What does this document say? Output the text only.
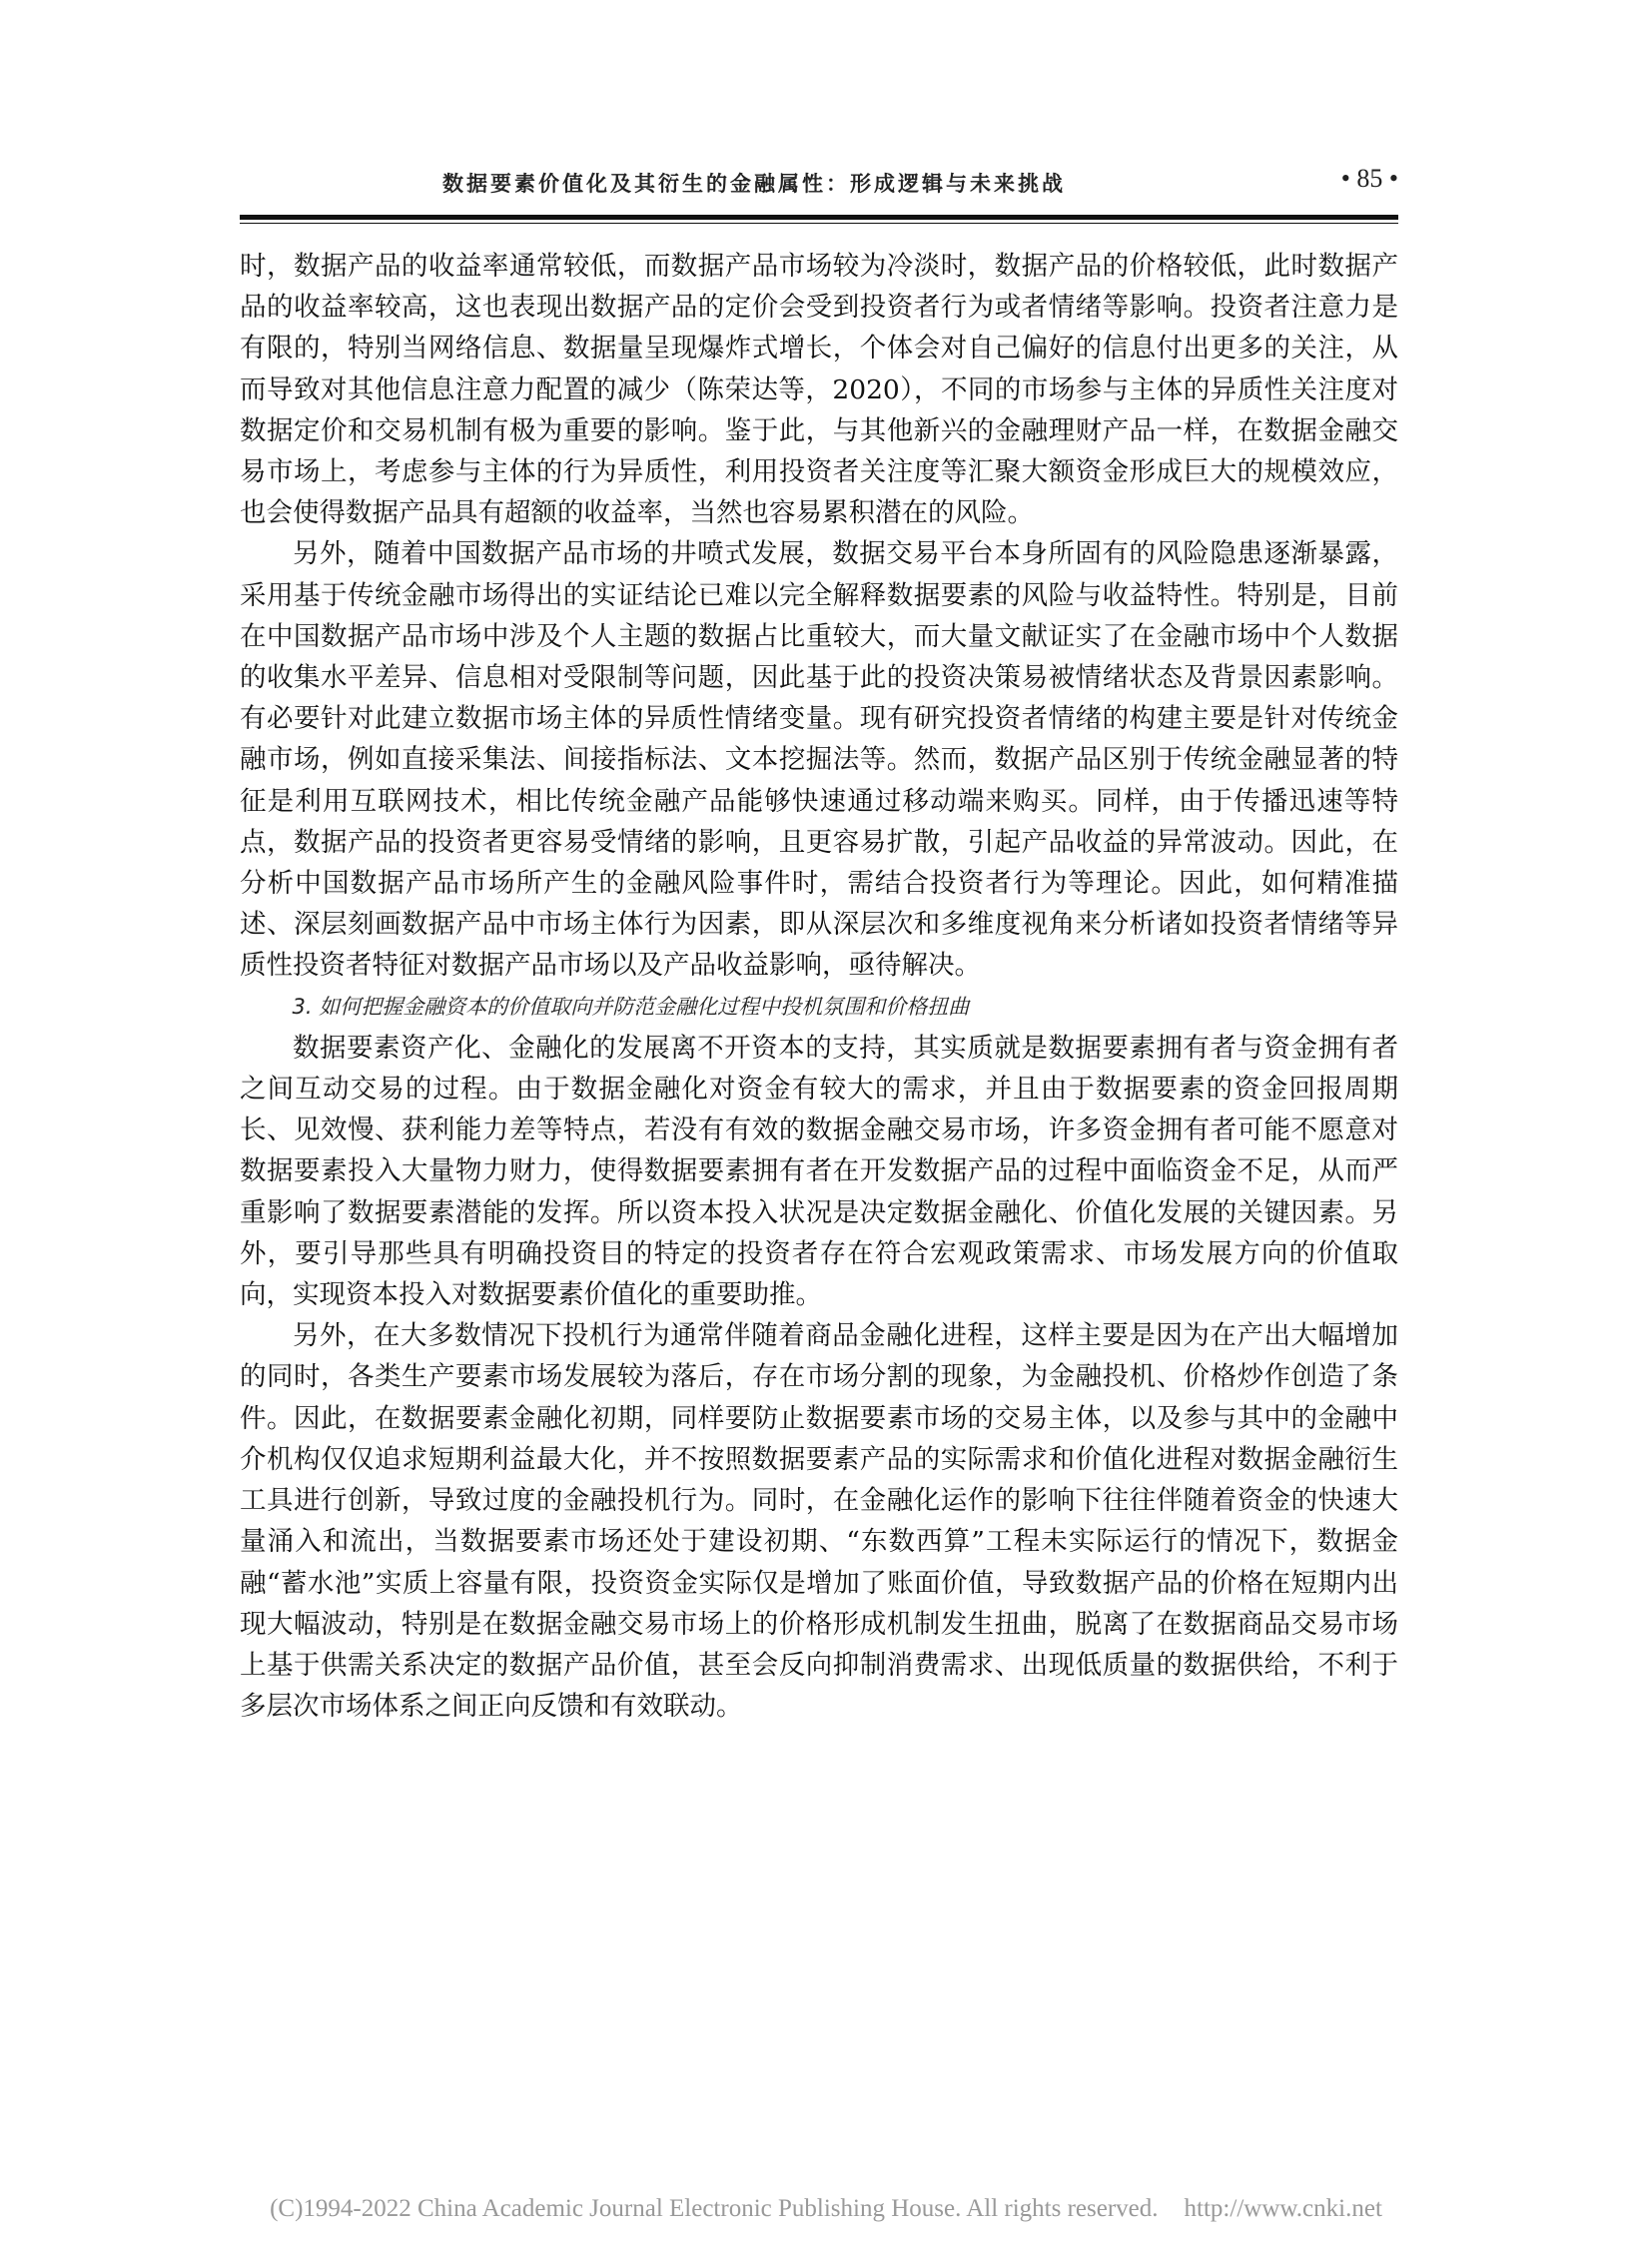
数据要素价值化及其衍生的金融属性：形成逻辑与未来挑战	• 85 •

时，数据产品的收益率通常较低，而数据产品市场较为冷淡时，数据产品的价格较低，此时数据产品的收益率较高，这也表现出数据产品的定价会受到投资者行为或者情绪等影响。投资者注意力是有限的，特别当网络信息、数据量呈现爆炸式增长，个体会对自己偏好的信息付出更多的关注，从而导致对其他信息注意力配置的减少（陈荣达等，2020），不同的市场参与主体的异质性关注度对数据定价和交易机制有极为重要的影响。鉴于此，与其他新兴的金融理财产品一样，在数据金融交易市场上，考虑参与主体的行为异质性，利用投资者关注度等汇聚大额资金形成巨大的规模效应，也会使得数据产品具有超额的收益率，当然也容易累积潜在的风险。

另外，随着中国数据产品市场的井喷式发展，数据交易平台本身所固有的风险隐患逐渐暴露，采用基于传统金融市场得出的实证结论已难以完全解释数据要素的风险与收益特性。特别是，目前在中国数据产品市场中涉及个人主题的数据占比重较大，而大量文献证实了在金融市场中个人数据的收集水平差异、信息相对受限制等问题，因此基于此的投资决策易被情绪状态及背景因素影响。有必要针对此建立数据市场主体的异质性情绪变量。现有研究投资者情绪的构建主要是针对传统金融市场，例如直接采集法、间接指标法、文本挖掘法等。然而，数据产品区别于传统金融显著的特征是利用互联网技术，相比传统金融产品能够快速通过移动端来购买。同样，由于传播迅速等特点，数据产品的投资者更容易受情绪的影响，且更容易扩散，引起产品收益的异常波动。因此，在分析中国数据产品市场所产生的金融风险事件时，需结合投资者行为等理论。因此，如何精准描述、深层刻画数据产品中市场主体行为因素，即从深层次和多维度视角来分析诸如投资者情绪等异质性投资者特征对数据产品市场以及产品收益影响，亟待解决。

3. 如何把握金融资本的价值取向并防范金融化过程中投机氛围和价格扭曲

数据要素资产化、金融化的发展离不开资本的支持，其实质就是数据要素拥有者与资金拥有者之间互动交易的过程。由于数据金融化对资金有较大的需求，并且由于数据要素的资金回报周期长、见效慢、获利能力差等特点，若没有有效的数据金融交易市场，许多资金拥有者可能不愿意对数据要素投入大量物力财力，使得数据要素拥有者在开发数据产品的过程中面临资金不足，从而严重影响了数据要素潜能的发挥。所以资本投入状况是决定数据金融化、价值化发展的关键因素。另外，要引导那些具有明确投资目的特定的投资者存在符合宏观政策需求、市场发展方向的价值取向，实现资本投入对数据要素价值化的重要助推。

另外，在大多数情况下投机行为通常伴随着商品金融化进程，这样主要是因为在产出大幅增加的同时，各类生产要素市场发展较为落后，存在市场分割的现象，为金融投机、价格炒作创造了条件。因此，在数据要素金融化初期，同样要防止数据要素市场的交易主体，以及参与其中的金融中介机构仅仅追求短期利益最大化，并不按照数据要素产品的实际需求和价值化进程对数据金融衍生工具进行创新，导致过度的金融投机行为。同时，在金融化运作的影响下往往伴随着资金的快速大量涌入和流出，当数据要素市场还处于建设初期、“东数西算”工程未实际运行的情况下，数据金融“蓄水池”实质上容量有限，投资资金实际仅是增加了账面价值，导致数据产品的价格在短期内出现大幅波动，特别是在数据金融交易市场上的价格形成机制发生扭曲，脱离了在数据商品交易市场上基于供需关系决定的数据产品价值，甚至会反向抑制消费需求、出现低质量的数据供给，不利于多层次市场体系之间正向反馈和有效联动。

(C)1994-2022 China Academic Journal Electronic Publishing House. All rights reserved. http://www.cnki.net
